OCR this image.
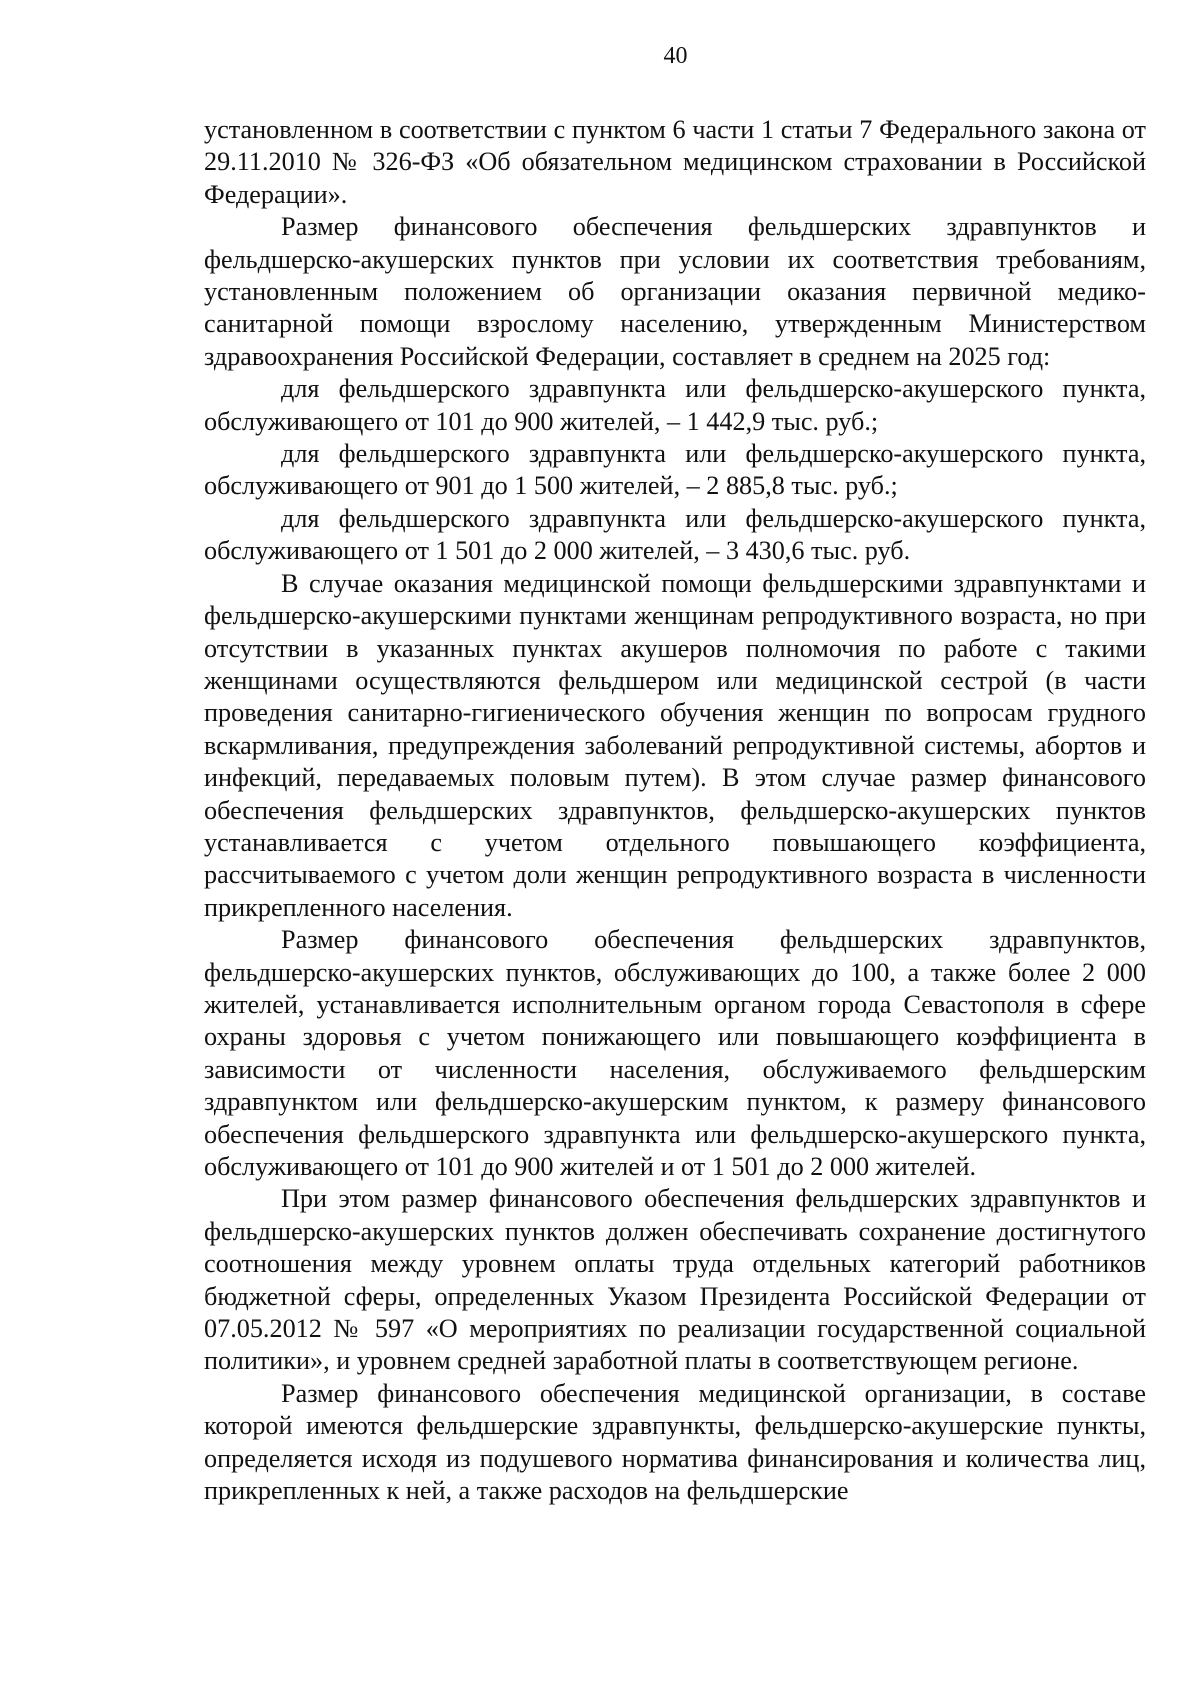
40

установленном в соответствии с пунктом 6 части 1 статьи 7 Федерального закона от 29.11.2010 № 326-ФЗ «Об обязательном медицинском страховании в Российской Федерации».

Размер финансового обеспечения фельдшерских здравпунктов и фельдшерско-акушерских пунктов при условии их соответствия требованиям, установленным положением об организации оказания первичной медико-санитарной помощи взрослому населению, утвержденным Министерством здравоохранения Российской Федерации, составляет в среднем на 2025 год:

для фельдшерского здравпункта или фельдшерско-акушерского пункта, обслуживающего от 101 до 900 жителей, – 1 442,9 тыс. руб.;

для фельдшерского здравпункта или фельдшерско-акушерского пункта, обслуживающего от 901 до 1 500 жителей, – 2 885,8 тыс. руб.;

для фельдшерского здравпункта или фельдшерско-акушерского пункта, обслуживающего от 1 501 до 2 000 жителей, – 3 430,6 тыс. руб.

В случае оказания медицинской помощи фельдшерскими здравпунктами и фельдшерско-акушерскими пунктами женщинам репродуктивного возраста, но при отсутствии в указанных пунктах акушеров полномочия по работе с такими женщинами осуществляются фельдшером или медицинской сестрой (в части проведения санитарно-гигиенического обучения женщин по вопросам грудного вскармливания, предупреждения заболеваний репродуктивной системы, абортов и инфекций, передаваемых половым путем). В этом случае размер финансового обеспечения фельдшерских здравпунктов, фельдшерско-акушерских пунктов устанавливается с учетом отдельного повышающего коэффициента, рассчитываемого с учетом доли женщин репродуктивного возраста в численности прикрепленного населения.

Размер финансового обеспечения фельдшерских здравпунктов, фельдшерско-акушерских пунктов, обслуживающих до 100, а также более 2 000 жителей, устанавливается исполнительным органом города Севастополя в сфере охраны здоровья с учетом понижающего или повышающего коэффициента в зависимости от численности населения, обслуживаемого фельдшерским здравпунктом или фельдшерско-акушерским пунктом, к размеру финансового обеспечения фельдшерского здравпункта или фельдшерско-акушерского пункта, обслуживающего от 101 до 900 жителей и от 1 501 до 2 000 жителей.

При этом размер финансового обеспечения фельдшерских здравпунктов и фельдшерско-акушерских пунктов должен обеспечивать сохранение достигнутого соотношения между уровнем оплаты труда отдельных категорий работников бюджетной сферы, определенных Указом Президента Российской Федерации от 07.05.2012 № 597 «О мероприятиях по реализации государственной социальной политики», и уровнем средней заработной платы в соответствующем регионе.

Размер финансового обеспечения медицинской организации, в составе которой имеются фельдшерские здравпункты, фельдшерско-акушерские пункты, определяется исходя из подушевого норматива финансирования и количества лиц, прикрепленных к ней, а также расходов на фельдшерские
